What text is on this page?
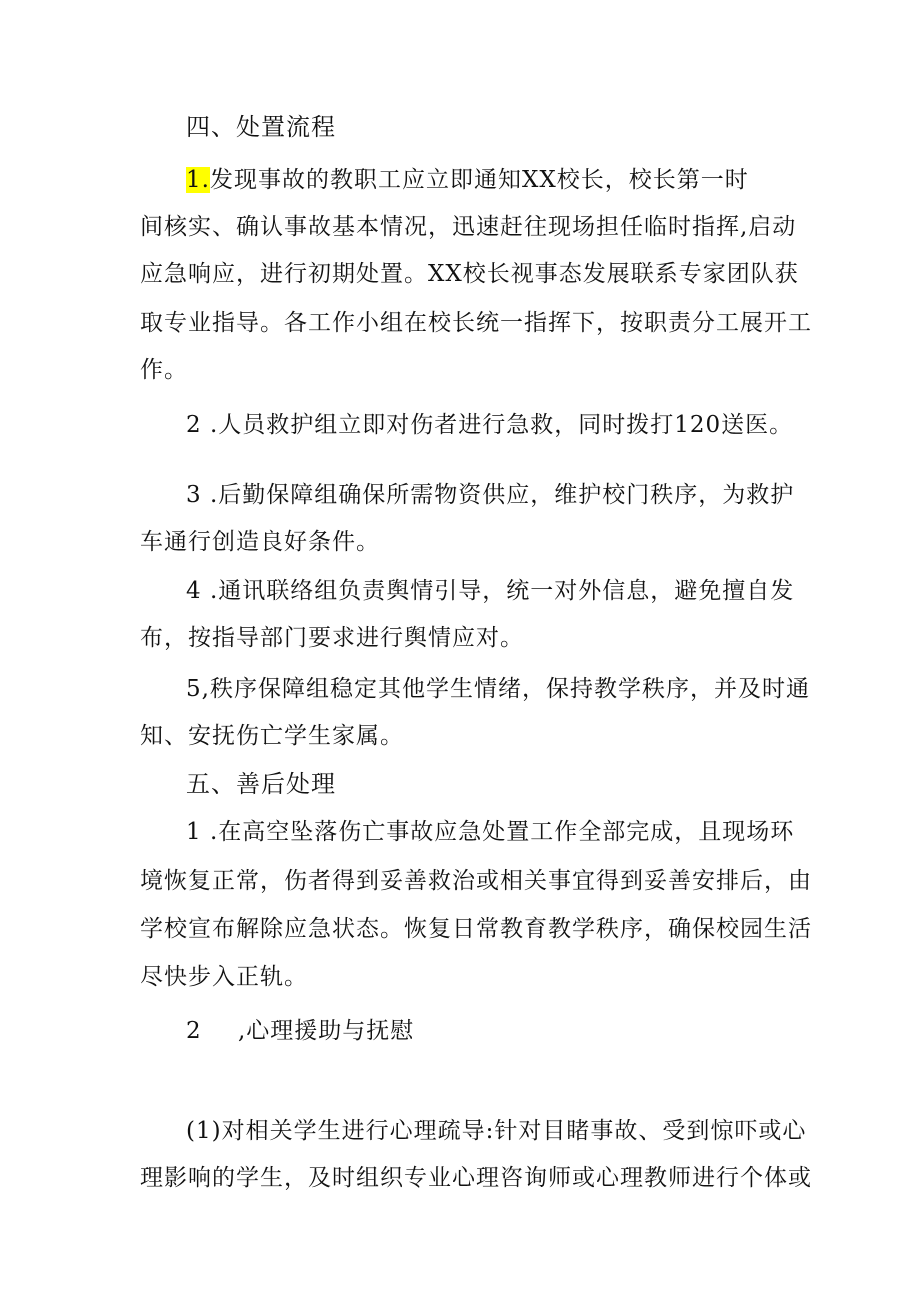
四、处置流程
1.发现事故的教职工应立即通知XX校长，校长第一时
间核实、确认事故基本情况，迅速赶往现场担任临时指挥,启动
应急响应，进行初期处置。XX校长视事态发展联系专家团队获
取专业指导。各工作小组在校长统一指挥下，按职责分工展开工
作。
2 .人员救护组立即对伤者进行急救，同时拨打120送医。
3 .后勤保障组确保所需物资供应，维护校门秩序，为救护
车通行创造良好条件。
4 .通讯联络组负责舆情引导，统一对外信息，避免擅自发
布，按指导部门要求进行舆情应对。
5,秩序保障组稳定其他学生情绪，保持教学秩序，并及时通
知、安抚伤亡学生家属。
五、善后处理
1 .在高空坠落伤亡事故应急处置工作全部完成，且现场环
境恢复正常，伤者得到妥善救治或相关事宜得到妥善安排后，由
学校宣布解除应急状态。恢复日常教育教学秩序，确保校园生活
尽快步入正轨。
2 ,心理援助与抚慰
(1)对相关学生进行心理疏导:针对目睹事故、受到惊吓或心
理影响的学生，及时组织专业心理咨询师或心理教师进行个体或
